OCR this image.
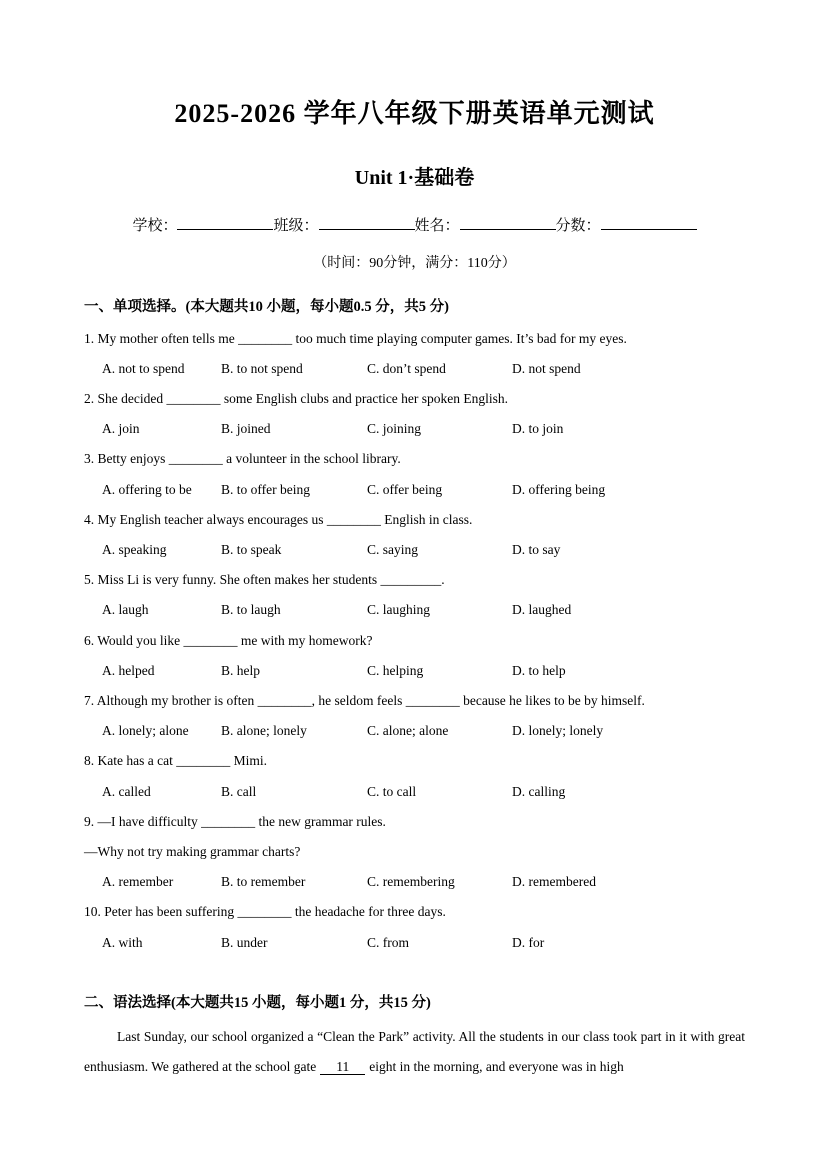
2025-2026 学年八年级下册英语单元测试
Unit 1·基础卷
学校：	班级：	姓名：	分数：
（时间：90分钟，满分：110分）
一、单项选择。(本大题共10 小题，每小题0.5 分，共5 分)
1. My mother often tells me ________ too much time playing computer games. It’s bad for my eyes.
A. not to spend	B. to not spend	C. don’t spend	D. not spend
2. She decided ________ some English clubs and practice her spoken English.
A. join	B. joined	C. joining	D. to join
3. Betty enjoys ________ a volunteer in the school library.
A. offering to be	B. to offer being	C. offer being	D. offering being
4. My English teacher always encourages us ________ English in class.
A. speaking	B. to speak	C. saying	D. to say
5. Miss Li is very funny. She often makes her students _________.
A. laugh	B. to laugh	C. laughing	D. laughed
6. Would you like ________ me with my homework?
A. helped	B. help	C. helping	D. to help
7. Although my brother is often ________, he seldom feels ________ because he likes to be by himself.
A. lonely; alone	B. alone; lonely	C. alone; alone	D. lonely; lonely
8. Kate has a cat ________ Mimi.
A. called	B. call	C. to call	D. calling
9. —I have difficulty ________ the new grammar rules.
—Why not try making grammar charts?
A. remember	B. to remember	C. remembering	D. remembered
10. Peter has been suffering ________ the headache for three days.
A. with	B. under	C. from	D. for
二、语法选择(本大题共15 小题，每小题1 分，共15 分)

Last Sunday, our school organized a “Clean the Park” activity. All the students in our class took part in it with great enthusiasm. We gathered at the school gate 11 eight in the morning, and everyone was in high
